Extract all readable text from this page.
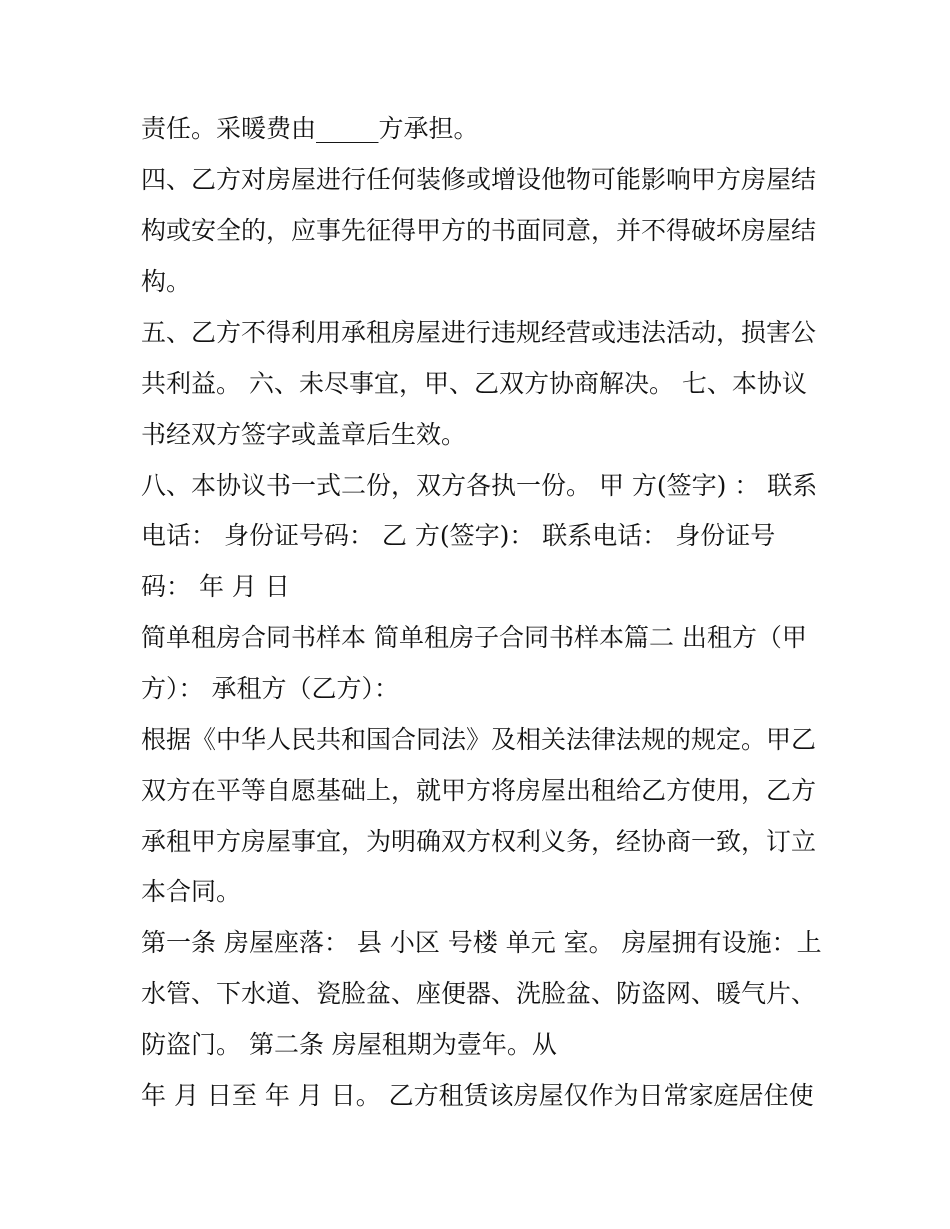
责任。采暖费由_____方承担。

四、乙方对房屋进行任何装修或增设他物可能影响甲方房屋结

构或安全的，应事先征得甲方的书面同意，并不得破坏房屋结

构。

五、乙方不得利用承租房屋进行违规经营或违法活动，损害公

共利益。 六、未尽事宜，甲、乙双方协商解决。 七、本协议

书经双方签字或盖章后生效。

八、本协议书一式二份，双方各执一份。 甲 方(签字) ： 联系

电话： 身份证号码： 乙 方(签字)： 联系电话： 身份证号

码： 年 月 日

简单租房合同书样本 简单租房子合同书样本篇二 出租方（甲

方）： 承租方（乙方）：

根据《中华人民共和国合同法》及相关法律法规的规定。甲乙

双方在平等自愿基础上，就甲方将房屋出租给乙方使用，乙方

承租甲方房屋事宜，为明确双方权利义务，经协商一致，订立

本合同。

第一条 房屋座落： 县 小区 号楼 单元 室。 房屋拥有设施：上

水管、下水道、瓷脸盆、座便器、洗脸盆、防盗网、暖气片、

防盗门。 第二条 房屋租期为壹年。从

年 月 日至 年 月 日。 乙方租赁该房屋仅作为日常家庭居住使
